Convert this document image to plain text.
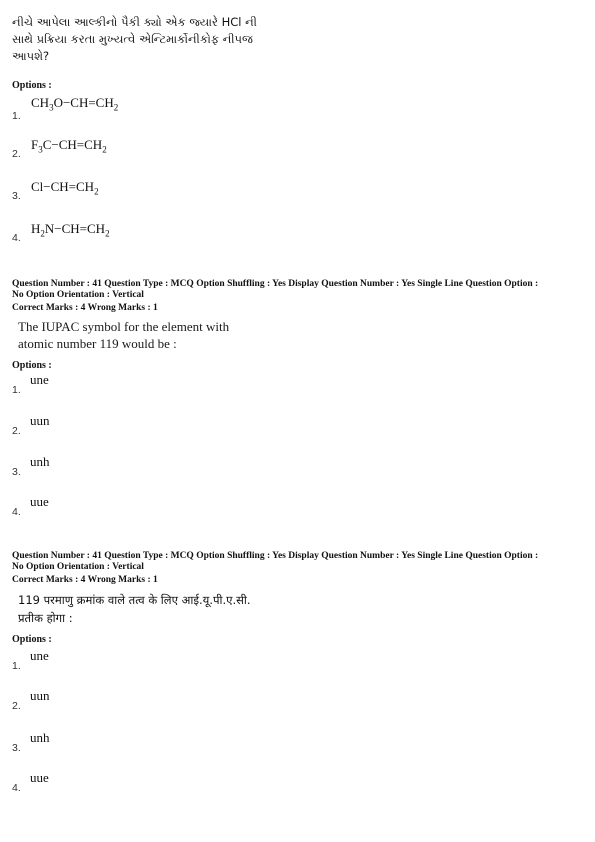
નીચે આપેલા આલ્કીનો પૈકી ક્યો એક જ્યારે HCl ની
સાથે પ્રક્રિયા કરતા મુખ્યત્વે એન્ટિમાર્કોનીકોફ નીપજ
આપશે?
Options :
1.
$CH_3O-CH=CH_2$
2.
$F_3C-CH=CH_2$
3.
$Cl-CH=CH_2$
4.
$H_2N-CH=CH_2$
Question Number : 41 Question Type : MCQ Option Shuffling : Yes Display Question Number : Yes Single Line Question Option :
No Option Orientation : Vertical
Correct Marks : 4 Wrong Marks : 1
The IUPAC symbol for the element with
atomic number 119 would be :
Options :
1.
une
2.
uun
3.
unh
4.
uue
Question Number : 41 Question Type : MCQ Option Shuffling : Yes Display Question Number : Yes Single Line Question Option :
No Option Orientation : Vertical
Correct Marks : 4 Wrong Marks : 1
119 परमाणु क्रमांक वाले तत्व के लिए आई.यू.पी.ए.सी.
प्रतीक होगा :
Options :
1.
une
2.
uun
3.
unh
4.
uue
